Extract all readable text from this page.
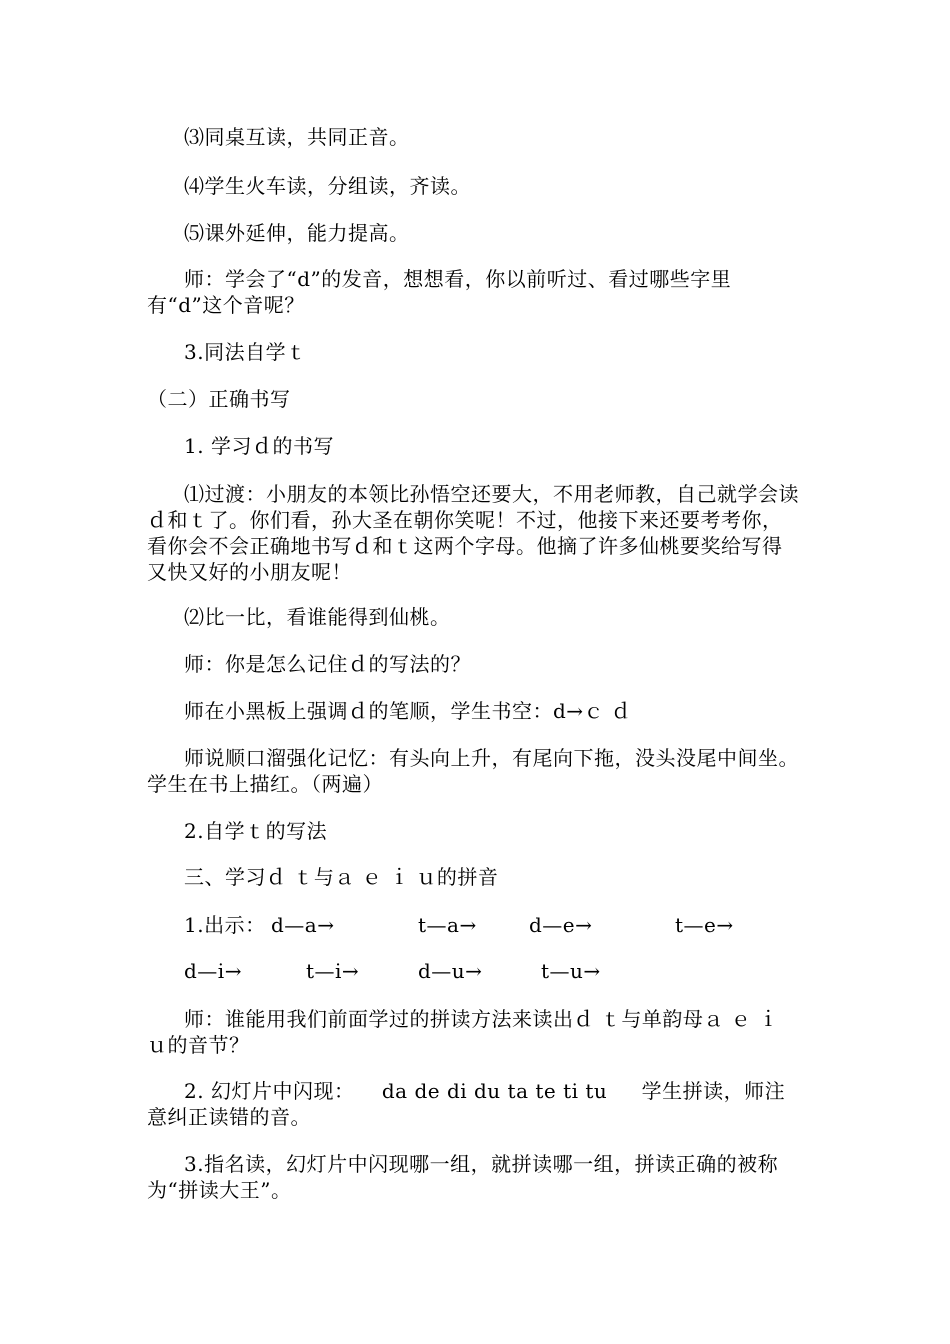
⑶同桌互读，共同正音。

⑷学生火车读，分组读，齐读。

⑸课外延伸，能力提高。

师：学会了“d”的发音，想想看，你以前听过、看过哪些字里有“d”这个音呢？

3.同法自学ｔ

（二）正确书写

1. 学习ｄ的书写

⑴过渡：小朋友的本领比孙悟空还要大，不用老师教，自己就学会读ｄ和ｔ了。你们看，孙大圣在朝你笑呢！不过，他接下来还要考考你，看你会不会正确地书写ｄ和ｔ这两个字母。他摘了许多仙桃要奖给写得又快又好的小朋友呢！

⑵比一比，看谁能得到仙桃。

师：你是怎么记住ｄ的写法的？

师在小黑板上强调ｄ的笔顺，学生书空：d→ｃ ｄ

师说顺口溜强化记忆：有头向上升，有尾向下拖，没头没尾中间坐。  学生在书上描红。（两遍）

2.自学ｔ的写法

三、学习ｄ ｔ与ａ ｅ ｉ ｕ的拼音

1.出示： d—a→	t—a→	d—e→	t—e→
d—i→	t—i→	d—u→	t—u→

师：谁能用我们前面学过的拼读方法来读出ｄ ｔ与单韵母ａ ｅ ｉ ｕ的音节？

2. 幻灯片中闪现：    da de di du ta te ti tu     学生拼读，师注意纠正读错的音。

3.指名读，幻灯片中闪现哪一组，就拼读哪一组，拼读正确的被称为“拼读大王”。
